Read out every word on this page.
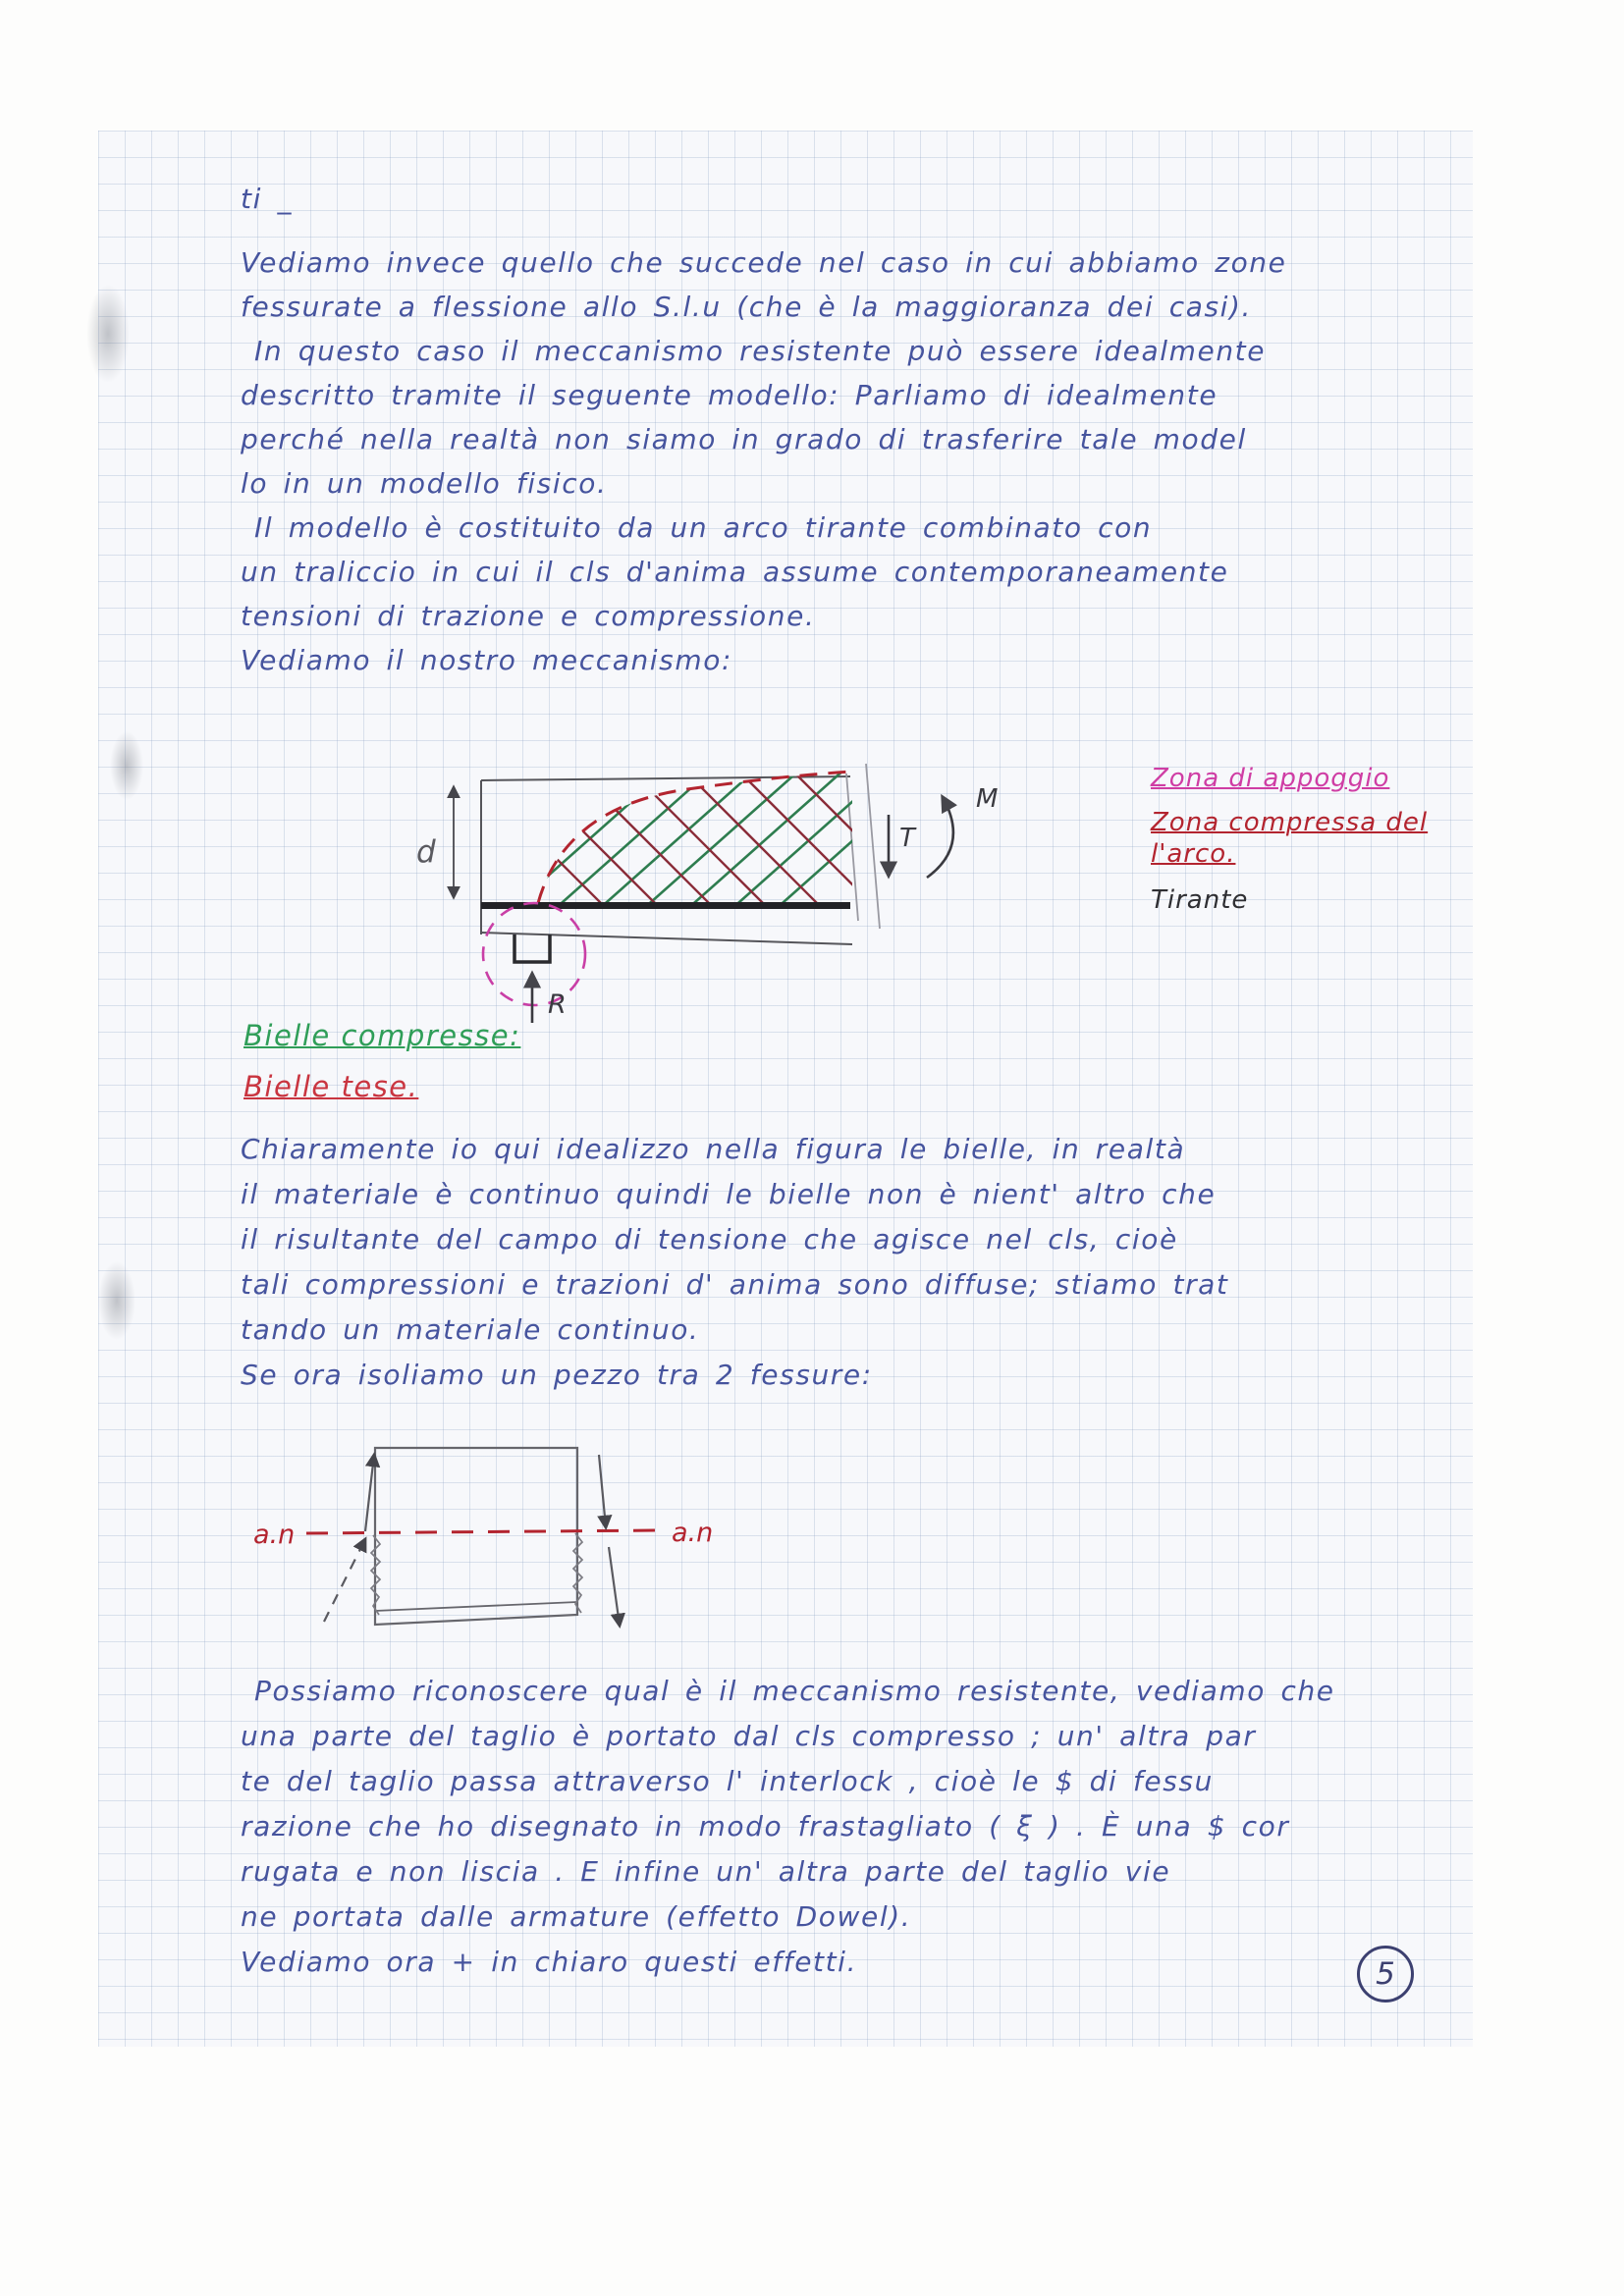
ti _
Vediamo invece quello che succede nel caso in cui abbiamo zone
fessurate a flessione allo S.l.u (che è la maggioranza dei casi).
In questo caso il meccanismo resistente può essere idealmente
descritto tramite il seguente modello: Parliamo di idealmente
perché nella realtà non siamo in grado di trasferire tale model
lo in un modello fisico.
Il modello è costituito da un arco tirante combinato con
un traliccio in cui il cls d'anima assume contemporaneamente
tensioni di trazione e compressione.
Vediamo il nostro meccanismo:
R
d	T
M
Zona di appoggio
Zona compressa del l'arco.
Tirante
Bielle compresse:
Bielle tese.
Chiaramente io qui idealizzo nella figura le bielle, in realtà
il materiale è continuo quindi le bielle non è nient' altro che
il risultante del campo di tensione che agisce nel cls, cioè
tali compressioni e trazioni d' anima sono diffuse; stiamo trat
tando un materiale continuo.
Se ora isoliamo un pezzo tra 2 fessure:
a.n	a.n
Possiamo riconoscere qual è il meccanismo resistente, vediamo che
una parte del taglio è portato dal cls compresso ; un' altra par
te del taglio passa attraverso l' interlock , cioè le $ di fessu
razione che ho disegnato in modo frastagliato ( ξ ) . È una $ cor
rugata e non liscia . E infine un' altra parte del taglio vie
ne portata dalle armature (effetto Dowel).
Vediamo ora + in chiaro questi effetti.	5
